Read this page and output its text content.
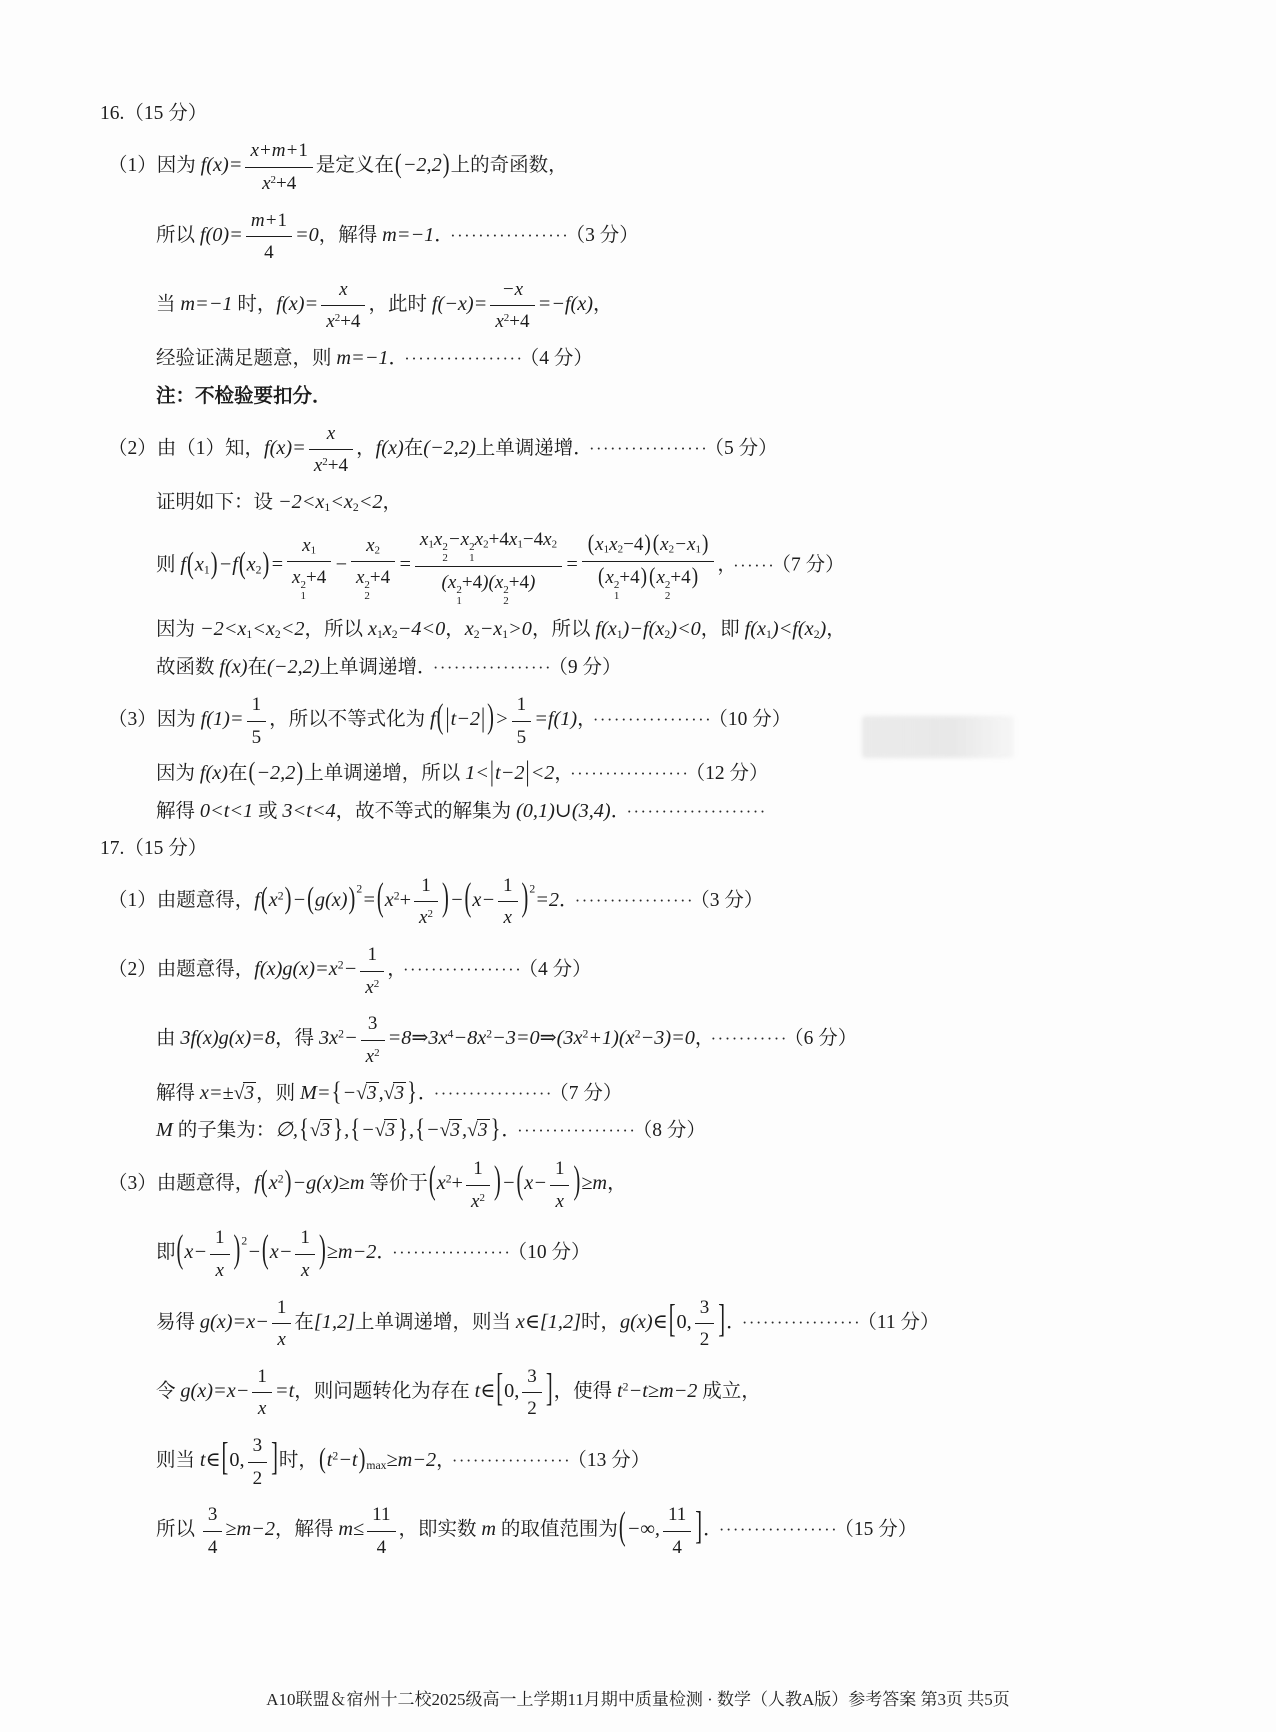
16.（15 分）
（1）因为 $f(x)= \frac{x+m+1}{x^2+4}$ 是定义在(−2,2)上的奇函数，
所以 $f(0)= \frac{m+1}{4} =0$，解得 m=−1． ················· （3 分）
当 m=−1 时，$f(x)= \frac{x}{x^2+4}$ ，此时 $f(-x)= \frac{-x}{x^2+4} =-f(x)$，
经验证满足题意，则 m=−1． ················· （4 分）
注：不检验要扣分．
（2）由（1）知，$f(x)= \frac{x}{x^2+4}$ ，f(x)在(−2,2)上单调递增． ················· （5 分）
证明如下：设 $-2<x_1<x_2<2$，
则 $f(x_1)-f(x_2)= x_1$
x 2
1
$+4 - x_2$
x 2
2
$+4 = x_1x$ 2
2
−x 2
1
$x_2+4x_1-4x_2$
(x 2
1
+4)(x 2
2
$+4) = (x_1x_2-4)$ $(x_2-x_1)$
(x 2
1
+4) (x 2
2
+4) ， ······ （7 分）
因为 $-2<x_1<x_2<2$，所以 $x_1x_2-4<0$，$x_2-x_1>0$，所以 $f(x_1)-f(x_2)<0$，即 $f(x_1)<f(x_2)$，
故函数 f(x)在(−2,2)上单调递增． ················· （9 分）
（3）因为 $f(1)= \frac{1}{5}$ ，所以不等式化为 $f(|t-2|)> \frac{1}{5} =f(1)$， ················· （10 分）
因为 f(x)在(−2,2)上单调递增，所以 1<|t−2|<2， ················· （12 分）
解得 0<t<1 或 3<t<4，故不等式的解集为 (0,1)∪(3,4)． ····················
17.（15 分）
（1）由题意得，$f(x^2)-(g(x))^2=(x^2+ \frac{1}{x^2} )-(x- \frac{1}{x} )^2=2$． ················· （3 分）
（2）由题意得，$f(x)g(x)=x^2- \frac{1}{x^2}$ ， ················· （4 分）
由 3f(x)g(x)=8，得 $3x^2- \frac{3}{x^2}$ $=8\Rightarrow 3x^4-8x^2-3=0\Rightarrow(3x^2+1)(x^2-3)=0$， ··········· （6 分）
解得 x=±√3 ，则 M={−√3,√3 }． ················· （7 分）
M 的子集为：∅,{√3 },{−√3 },{−√3,√3 }． ················· （8 分）
（3）由题意得，$f(x^2)-g(x)\ge m$ 等价于$(x^2+ \frac{1}{x^2} )-(x- \frac{1}{x} )\ge m$，
即$(x- \frac{1}{x} )^2-(x- \frac{1}{x} )\ge m-2$． ················· （10 分）
易得 $g(x)=x- \frac{1}{x}$ 在[1,2]上单调递增，则当 x∈[1,2]时，g(x)∈[0, $\frac{3}{2}$ ]． ················· （11 分）
令 $g(x)=x- \frac{1}{x} =t$，则问题转化为存在 t∈[0, $\frac{3}{2}$ ]，使得 $t^2-t\ge m-2$ 成立，
则当 t∈[0, $\frac{3}{2}$ ]时，$(t^2-t)_{max}\ge m-2$， ················· （13 分）
所以 $\frac{3}{4} \ge m-2$，解得 $m\le \frac{11}{4}$ ，即实数 m 的取值范围为(−∞, $\frac{11}{4}$ ]． ················· （15 分）
A10联盟＆宿州十二校2025级高一上学期11月期中质量检测 · 数学（人教A版）参考答案 第3页 共5页
